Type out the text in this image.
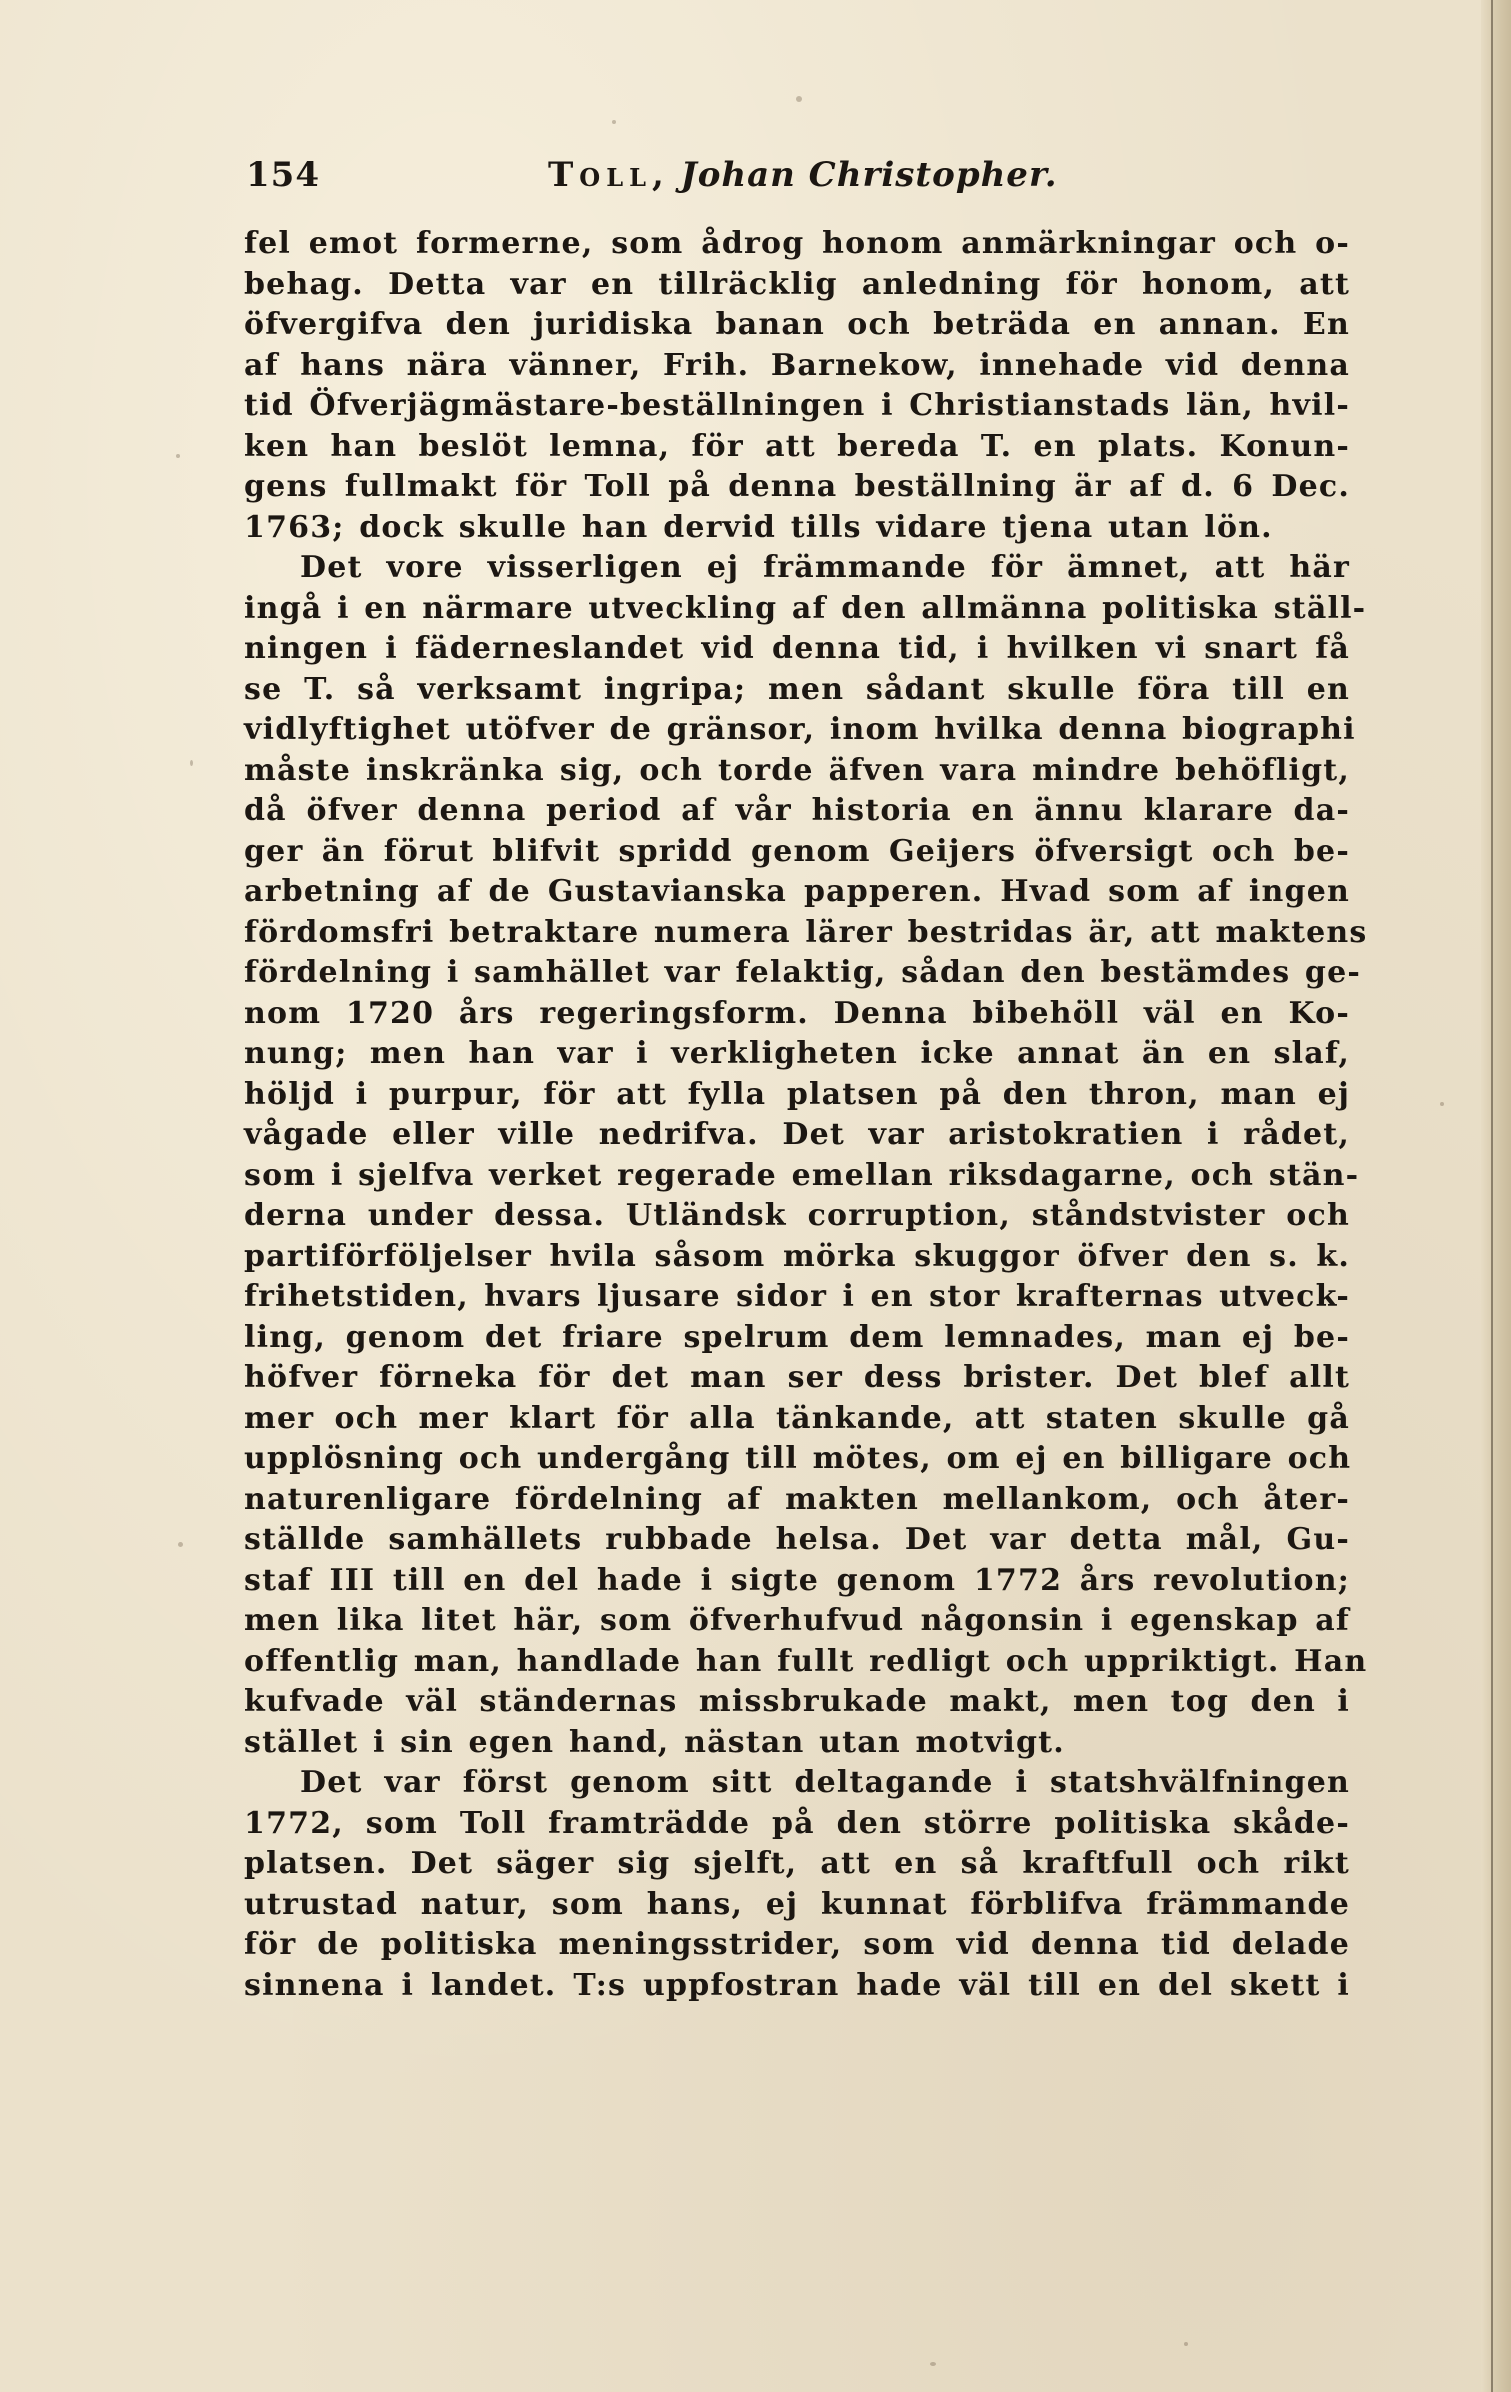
154	Toll, Johan Christopher.
fel emot formerne, som ådrog honom anmärkningar och o-
behag. Detta var en tillräcklig anledning för honom, att
öfvergifva den juridiska banan och beträda en annan. En
af hans nära vänner, Frih. Barnekow, innehade vid denna
tid Öfverjägmästare-beställningen i Christianstads län, hvil-
ken han beslöt lemna, för att bereda T. en plats. Konun-
gens fullmakt för Toll på denna beställning är af d. 6 Dec.
1763; dock skulle han dervid tills vidare tjena utan lön.
Det vore visserligen ej främmande för ämnet, att här
ingå i en närmare utveckling af den allmänna politiska ställ-
ningen i fäderneslandet vid denna tid, i hvilken vi snart få
se T. så verksamt ingripa; men sådant skulle föra till en
vidlyftighet utöfver de gränsor, inom hvilka denna biographi
måste inskränka sig, och torde äfven vara mindre behöfligt,
då öfver denna period af vår historia en ännu klarare da-
ger än förut blifvit spridd genom Geijers öfversigt och be-
arbetning af de Gustavianska papperen. Hvad som af ingen
fördomsfri betraktare numera lärer bestridas är, att maktens
fördelning i samhället var felaktig, sådan den bestämdes ge-
nom 1720 års regeringsform. Denna bibehöll väl en Ko-
nung; men han var i verkligheten icke annat än en slaf,
höljd i purpur, för att fylla platsen på den thron, man ej
vågade eller ville nedrifva. Det var aristokratien i rådet,
som i sjelfva verket regerade emellan riksdagarne, och stän-
derna under dessa. Utländsk corruption, ståndstvister och
partiförföljelser hvila såsom mörka skuggor öfver den s. k.
frihetstiden, hvars ljusare sidor i en stor krafternas utveck-
ling, genom det friare spelrum dem lemnades, man ej be-
höfver förneka för det man ser dess brister. Det blef allt
mer och mer klart för alla tänkande, att staten skulle gå
upplösning och undergång till mötes, om ej en billigare och
naturenligare fördelning af makten mellankom, och åter-
ställde samhällets rubbade helsa. Det var detta mål, Gu-
staf III till en del hade i sigte genom 1772 års revolution;
men lika litet här, som öfverhufvud någonsin i egenskap af
offentlig man, handlade han fullt redligt och uppriktigt. Han
kufvade väl ständernas missbrukade makt, men tog den i
stället i sin egen hand, nästan utan motvigt.
Det var först genom sitt deltagande i statshvälfningen
1772, som Toll framträdde på den större politiska skåde-
platsen. Det säger sig sjelft, att en så kraftfull och rikt
utrustad natur, som hans, ej kunnat förblifva främmande
för de politiska meningsstrider, som vid denna tid delade
sinnena i landet. T:s uppfostran hade väl till en del skett i
